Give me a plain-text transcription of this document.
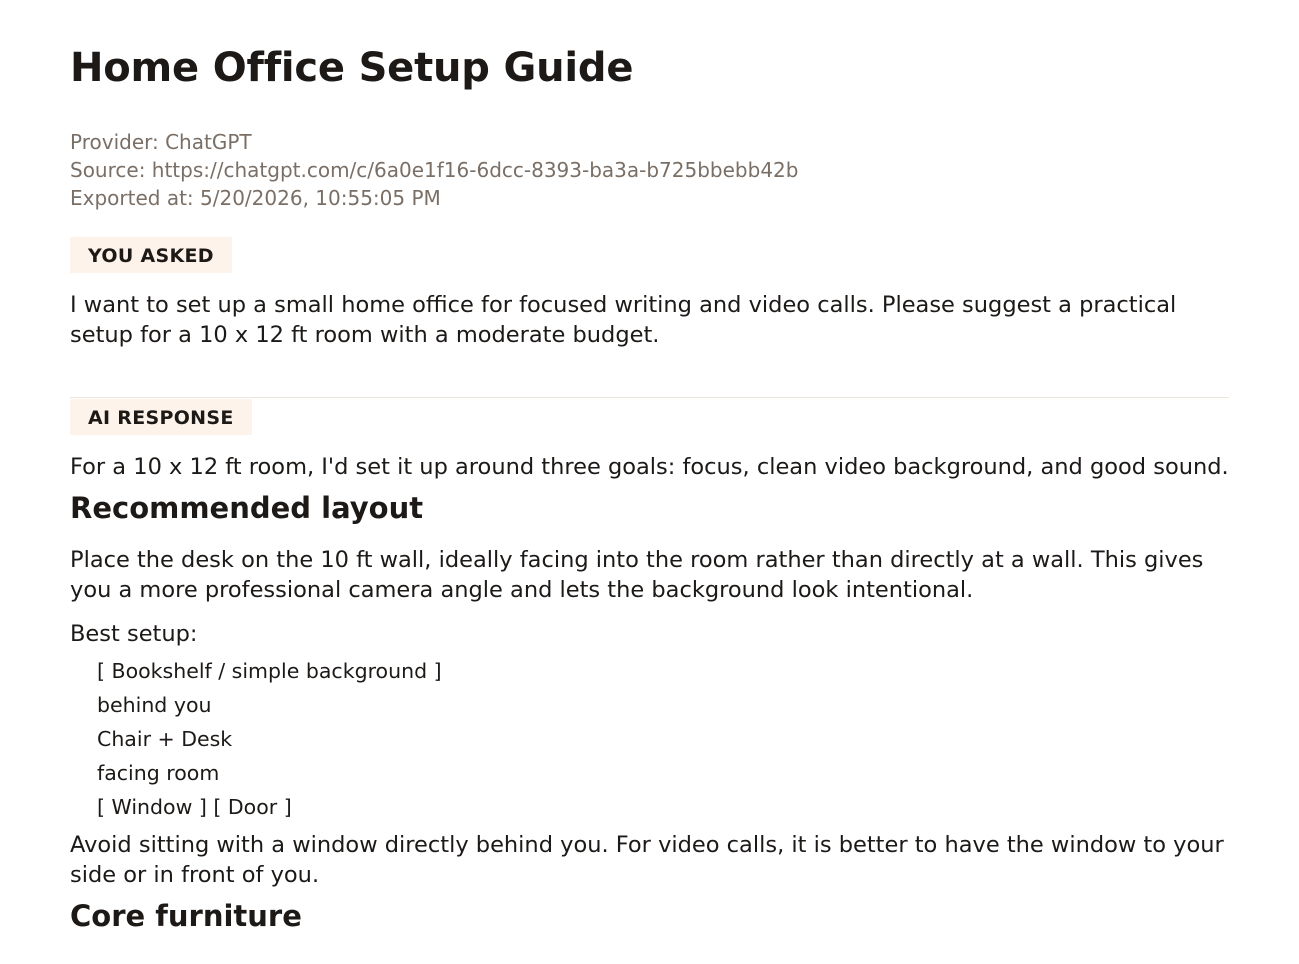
Home Office Setup Guide
Provider: ChatGPT
Source: https://chatgpt.com/c/6a0e1f16-6dcc-8393-ba3a-b725bbebb42b
Exported at: 5/20/2026, 10:55:05 PM
YOU ASKED
I want to set up a small home office for focused writing and video calls. Please suggest a practical setup for a 10 x 12 ft room with a moderate budget.
AI RESPONSE
For a 10 x 12 ft room, I'd set it up around three goals: focus, clean video background, and good sound.
Recommended layout
Place the desk on the 10 ft wall, ideally facing into the room rather than directly at a wall. This gives you a more professional camera angle and lets the background look intentional.
Best setup:
[ Bookshelf / simple background ]
behind you
Chair + Desk
facing room
[ Window ] [ Door ]
Avoid sitting with a window directly behind you. For video calls, it is better to have the window to your side or in front of you.
Core furniture
